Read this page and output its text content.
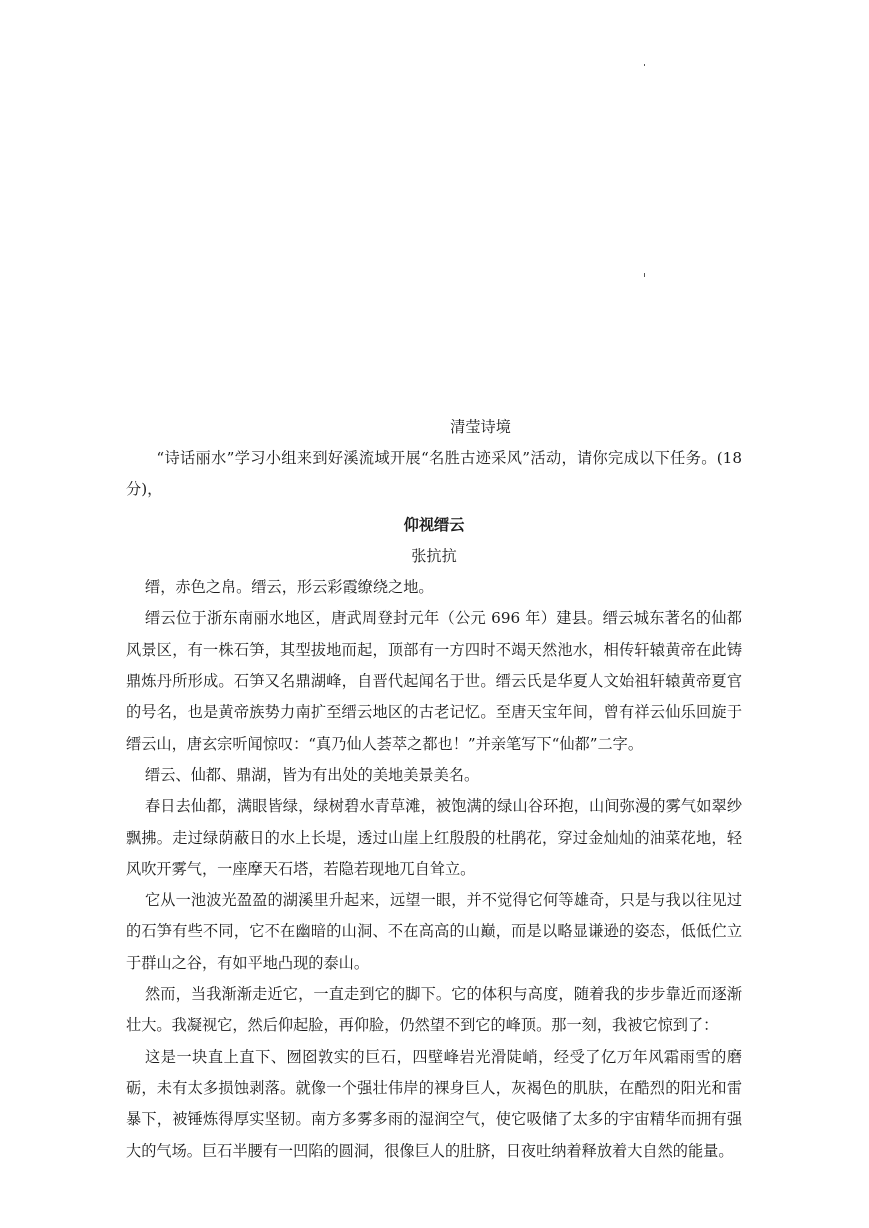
清莹诗境

“诗话丽水”学习小组来到好溪流域开展“名胜古迹采风”活动，请你完成以下任务。(18 分)，

仰视缙云

张抗抗

缙，赤色之帛。缙云，形云彩霞缭绕之地。

缙云位于浙东南丽水地区，唐武周登封元年（公元 696 年）建县。缙云城东著名的仙都风景区，有一株石笋，其型拔地而起，顶部有一方四时不竭天然池水，相传轩辕黄帝在此铸鼎炼丹所形成。石笋又名鼎湖峰，自晋代起闻名于世。缙云氏是华夏人文始祖轩辕黄帝夏官的号名，也是黄帝族势力南扩至缙云地区的古老记忆。至唐天宝年间，曾有祥云仙乐回旋于缙云山，唐玄宗听闻惊叹：“真乃仙人荟萃之都也！”并亲笔写下“仙都”二字。

缙云、仙都、鼎湖，皆为有出处的美地美景美名。

春日去仙都，满眼皆绿，绿树碧水青草滩，被饱满的绿山谷环抱，山间弥漫的雾气如翠纱飘拂。走过绿荫蔽日的水上长堤，透过山崖上红殷殷的杜鹃花，穿过金灿灿的油菜花地，轻风吹开雾气，一座摩天石塔，若隐若现地兀自耸立。

它从一池波光盈盈的湖溪里升起来，远望一眼，并不觉得它何等雄奇，只是与我以往见过的石笋有些不同，它不在幽暗的山洞、不在高高的山巅，而是以略显谦逊的姿态，低低伫立于群山之谷，有如平地凸现的泰山。

然而，当我渐渐走近它，一直走到它的脚下。它的体积与高度，随着我的步步靠近而逐渐壮大。我凝视它，然后仰起脸，再仰脸，仍然望不到它的峰顶。那一刻，我被它惊到了：

这是一块直上直下、囫囵敦实的巨石，四壁峰岩光滑陡峭，经受了亿万年风霜雨雪的磨砺，未有太多损蚀剥落。就像一个强壮伟岸的裸身巨人，灰褐色的肌肤，在酷烈的阳光和雷暴下，被锤炼得厚实坚韧。南方多雾多雨的湿润空气，使它吸储了太多的宇宙精华而拥有强大的气场。巨石半腰有一凹陷的圆洞，很像巨人的肚脐，日夜吐纳着释放着大自然的能量。
